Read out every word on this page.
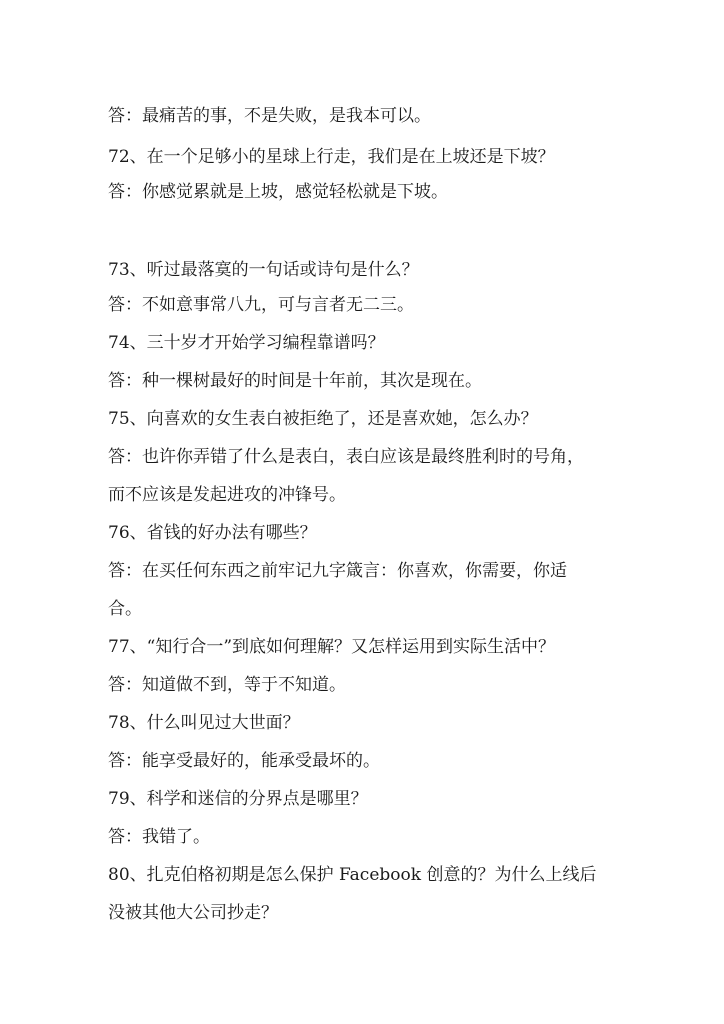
答：最痛苦的事，不是失败，是我本可以。
72、在一个足够小的星球上行走，我们是在上坡还是下坡？
答：你感觉累就是上坡，感觉轻松就是下坡。
73、听过最落寞的一句话或诗句是什么？
答：不如意事常八九，可与言者无二三。
74、三十岁才开始学习编程靠谱吗？
答：种一棵树最好的时间是十年前，其次是现在。
75、向喜欢的女生表白被拒绝了，还是喜欢她，怎么办？
答：也许你弄错了什么是表白，表白应该是最终胜利时的号角，
而不应该是发起进攻的冲锋号。
76、省钱的好办法有哪些？
答：在买任何东西之前牢记九字箴言：你喜欢，你需要，你适
合。
77、“知行合一”到底如何理解？又怎样运用到实际生活中？
答：知道做不到，等于不知道。
78、什么叫见过大世面？
答：能享受最好的，能承受最坏的。
79、科学和迷信的分界点是哪里？
答：我错了。
80、扎克伯格初期是怎么保护 Facebook 创意的？为什么上线后
没被其他大公司抄走？
